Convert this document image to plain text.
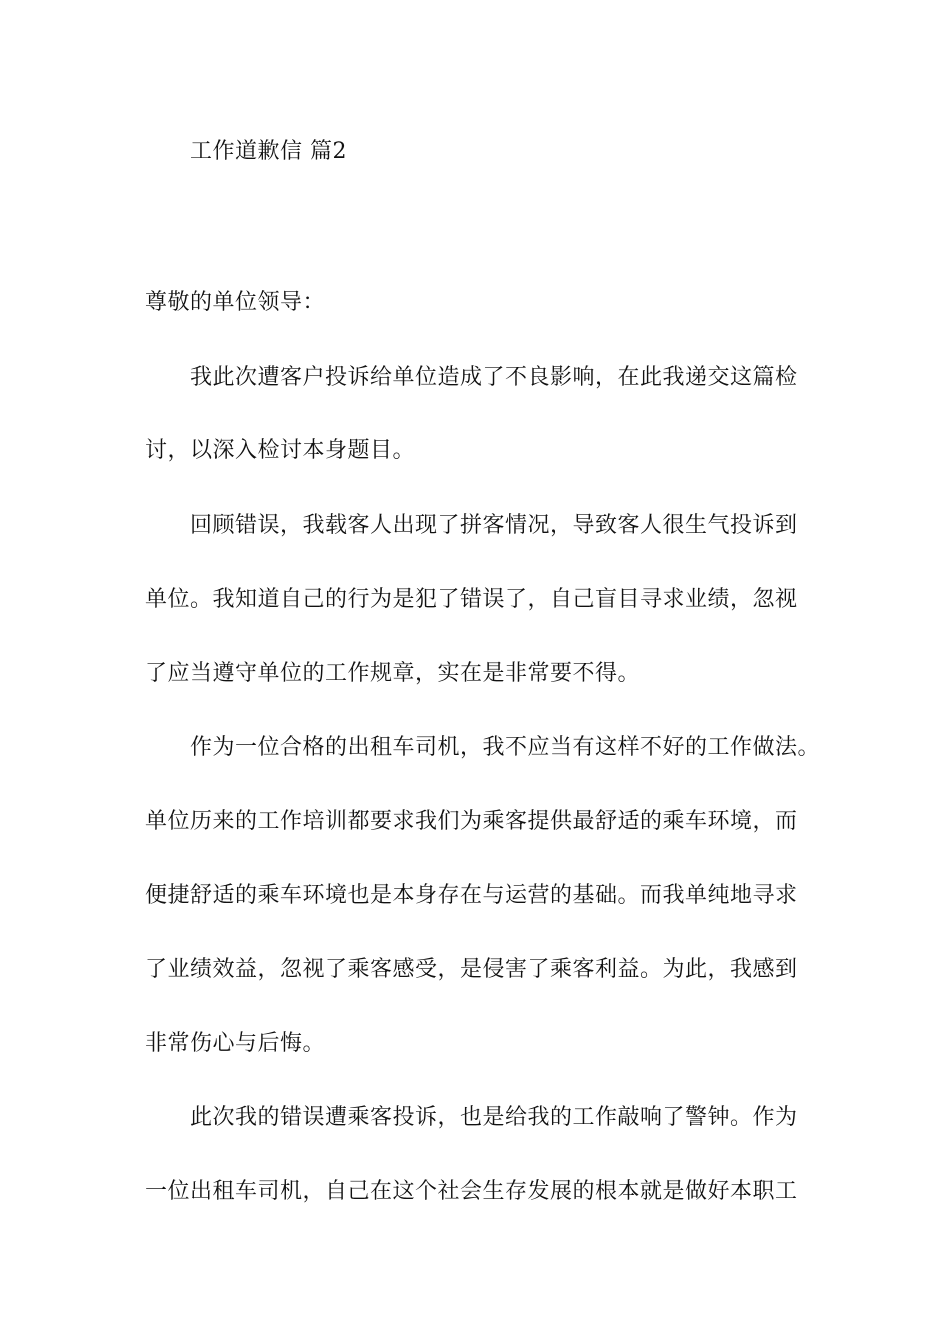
工作道歉信 篇2
尊敬的单位领导：
我此次遭客户投诉给单位造成了不良影响，在此我递交这篇检
讨，以深入检讨本身题目。
回顾错误，我载客人出现了拼客情况，导致客人很生气投诉到
单位。我知道自己的行为是犯了错误了，自己盲目寻求业绩，忽视
了应当遵守单位的工作规章，实在是非常要不得。
作为一位合格的出租车司机，我不应当有这样不好的工作做法。
单位历来的工作培训都要求我们为乘客提供最舒适的乘车环境，而
便捷舒适的乘车环境也是本身存在与运营的基础。而我单纯地寻求
了业绩效益，忽视了乘客感受，是侵害了乘客利益。为此，我感到
非常伤心与后悔。
此次我的错误遭乘客投诉，也是给我的工作敲响了警钟。作为
一位出租车司机，自己在这个社会生存发展的根本就是做好本职工
